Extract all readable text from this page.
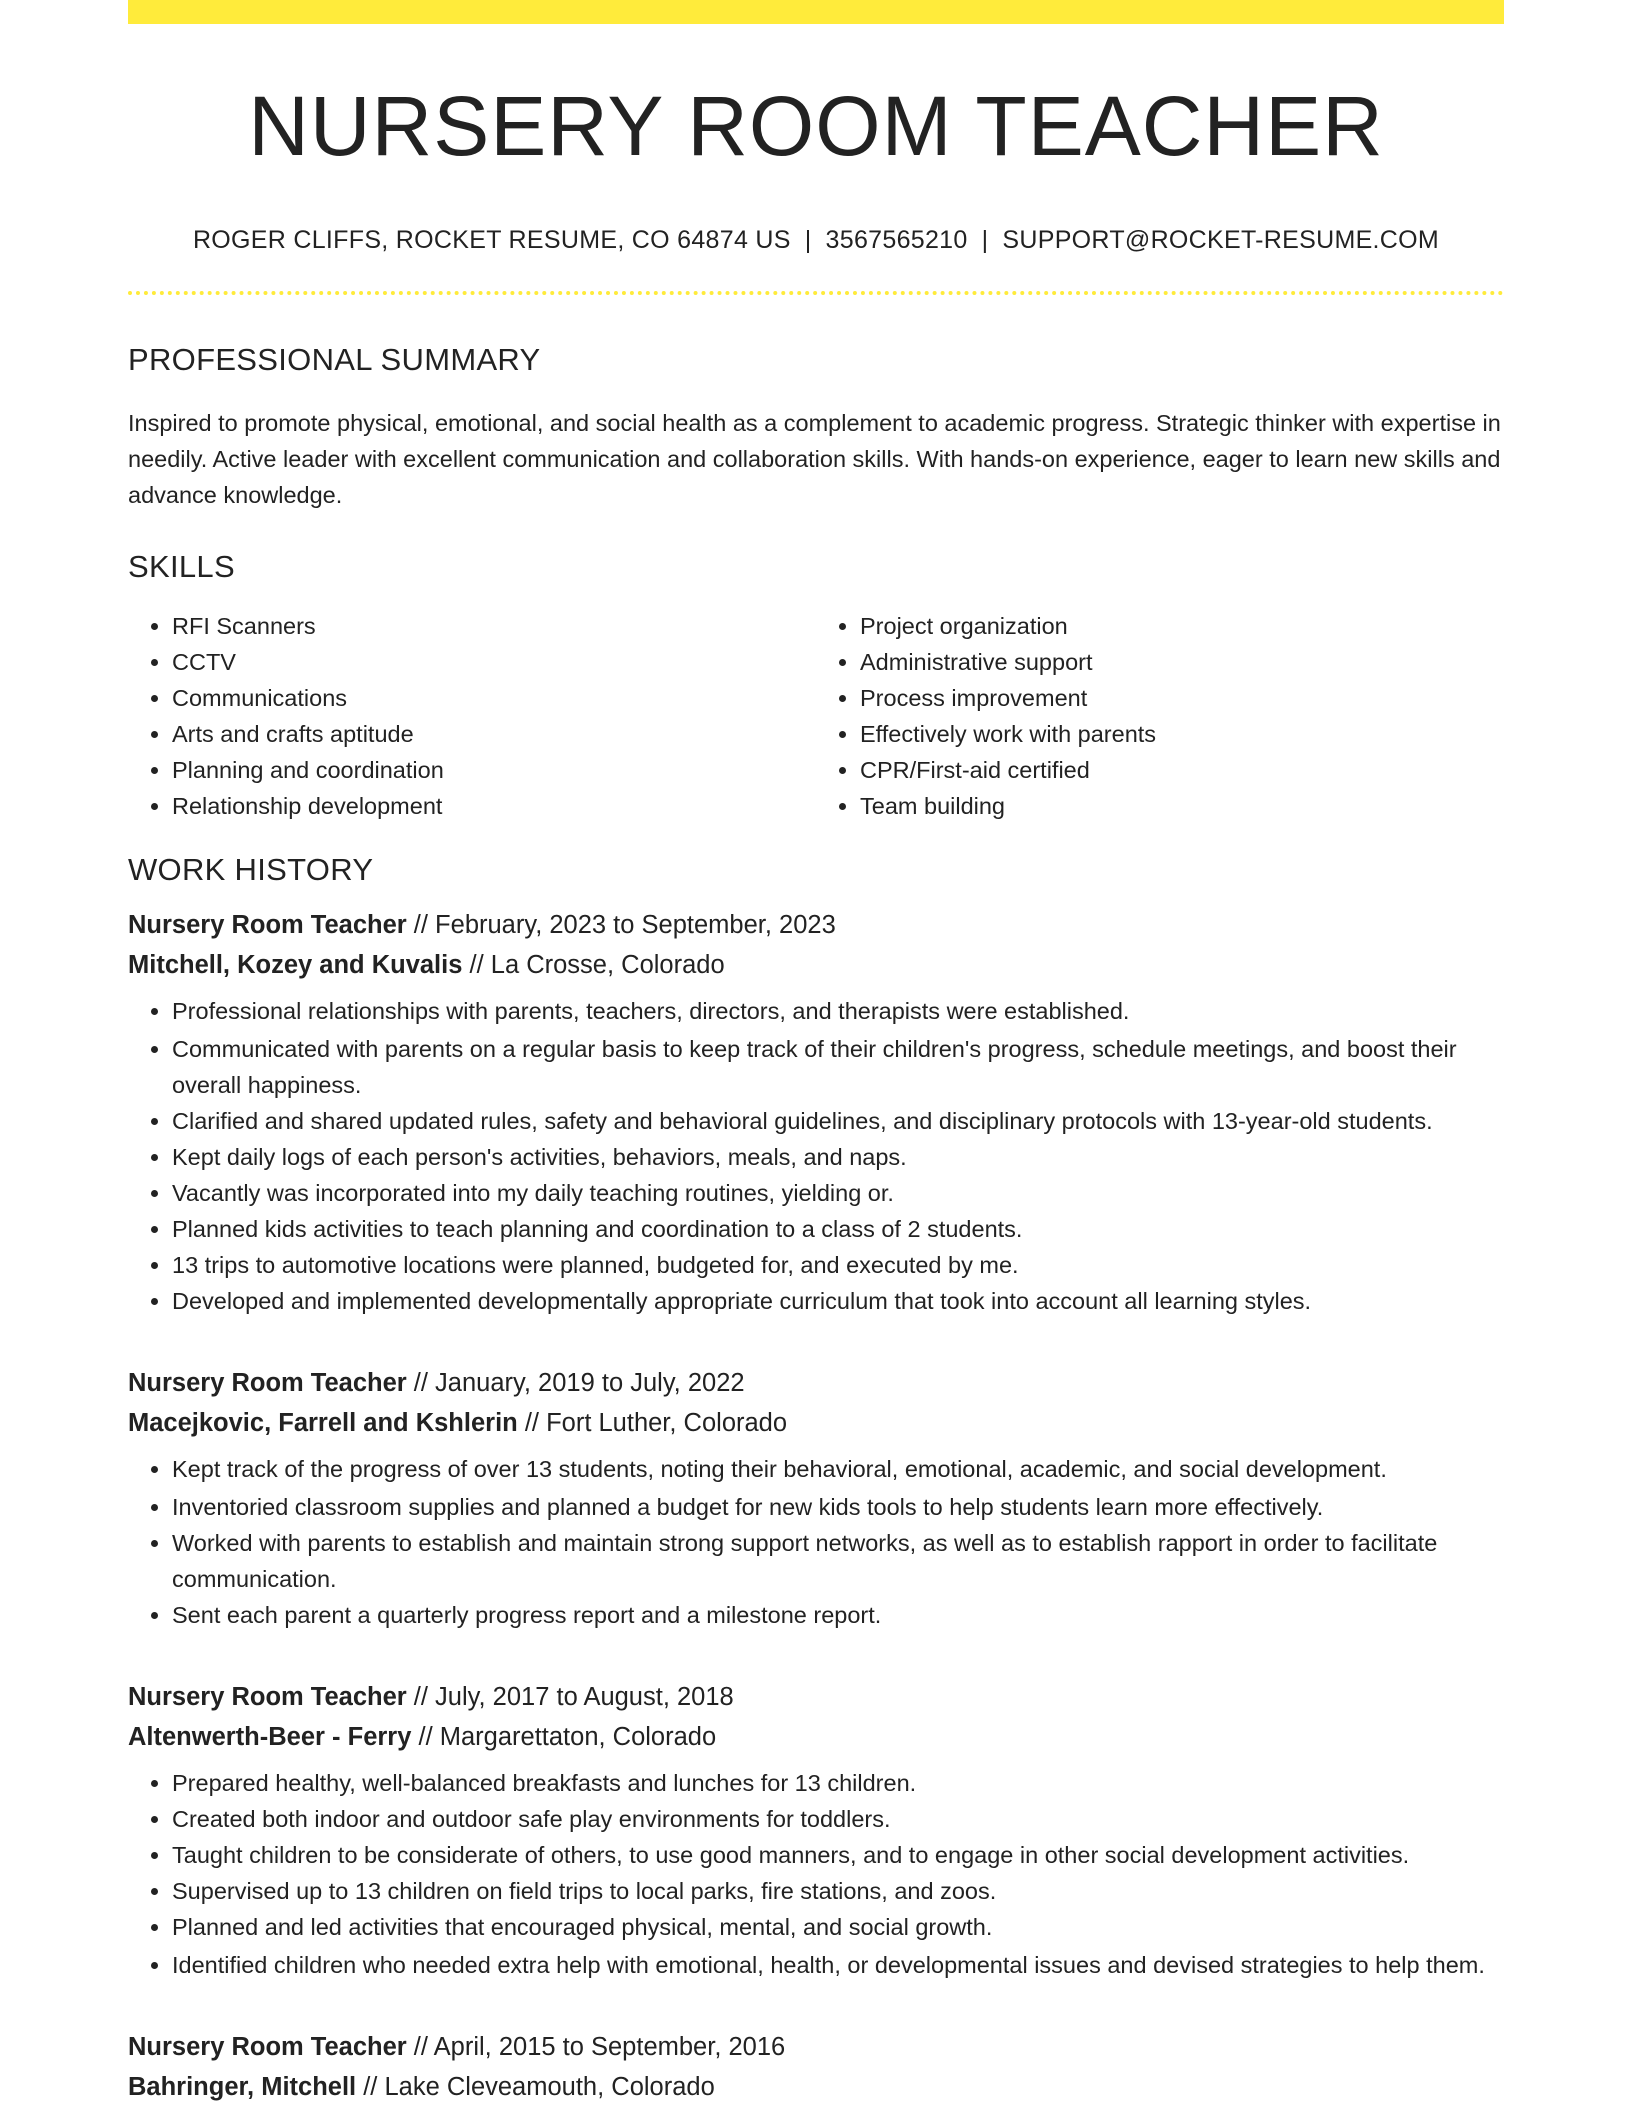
NURSERY ROOM TEACHER
ROGER CLIFFS, ROCKET RESUME, CO 64874 US | 3567565210 | SUPPORT@ROCKET-RESUME.COM
PROFESSIONAL SUMMARY

Inspired to promote physical, emotional, and social health as a complement to academic progress. Strategic thinker with expertise in needily. Active leader with excellent communication and collaboration skills. With hands-on experience, eager to learn new skills and advance knowledge.

SKILLS
• RFI Scanners
• CCTV
• Communications
• Arts and crafts aptitude
• Planning and coordination
• Relationship development
• Project organization
• Administrative support
• Process improvement
• Effectively work with parents
• CPR/First-aid certified
• Team building
WORK HISTORY
Nursery Room Teacher // February, 2023 to September, 2023
Mitchell, Kozey and Kuvalis // La Crosse, Colorado
• Professional relationships with parents, teachers, directors, and therapists were established.
• Communicated with parents on a regular basis to keep track of their children's progress, schedule meetings, and boost their overall happiness.
• Clarified and shared updated rules, safety and behavioral guidelines, and disciplinary protocols with 13-year-old students.
• Kept daily logs of each person's activities, behaviors, meals, and naps.
• Vacantly was incorporated into my daily teaching routines, yielding or.
• Planned kids activities to teach planning and coordination to a class of 2 students.
• 13 trips to automotive locations were planned, budgeted for, and executed by me.
• Developed and implemented developmentally appropriate curriculum that took into account all learning styles.
Nursery Room Teacher // January, 2019 to July, 2022
Macejkovic, Farrell and Kshlerin // Fort Luther, Colorado
• Kept track of the progress of over 13 students, noting their behavioral, emotional, academic, and social development.
• Inventoried classroom supplies and planned a budget for new kids tools to help students learn more effectively.
• Worked with parents to establish and maintain strong support networks, as well as to establish rapport in order to facilitate communication.
• Sent each parent a quarterly progress report and a milestone report.
Nursery Room Teacher // July, 2017 to August, 2018
Altenwerth-Beer - Ferry // Margarettaton, Colorado
• Prepared healthy, well-balanced breakfasts and lunches for 13 children.
• Created both indoor and outdoor safe play environments for toddlers.
• Taught children to be considerate of others, to use good manners, and to engage in other social development activities.
• Supervised up to 13 children on field trips to local parks, fire stations, and zoos.
• Planned and led activities that encouraged physical, mental, and social growth.
• Identified children who needed extra help with emotional, health, or developmental issues and devised strategies to help them.
Nursery Room Teacher // April, 2015 to September, 2016
Bahringer, Mitchell // Lake Cleveamouth, Colorado
